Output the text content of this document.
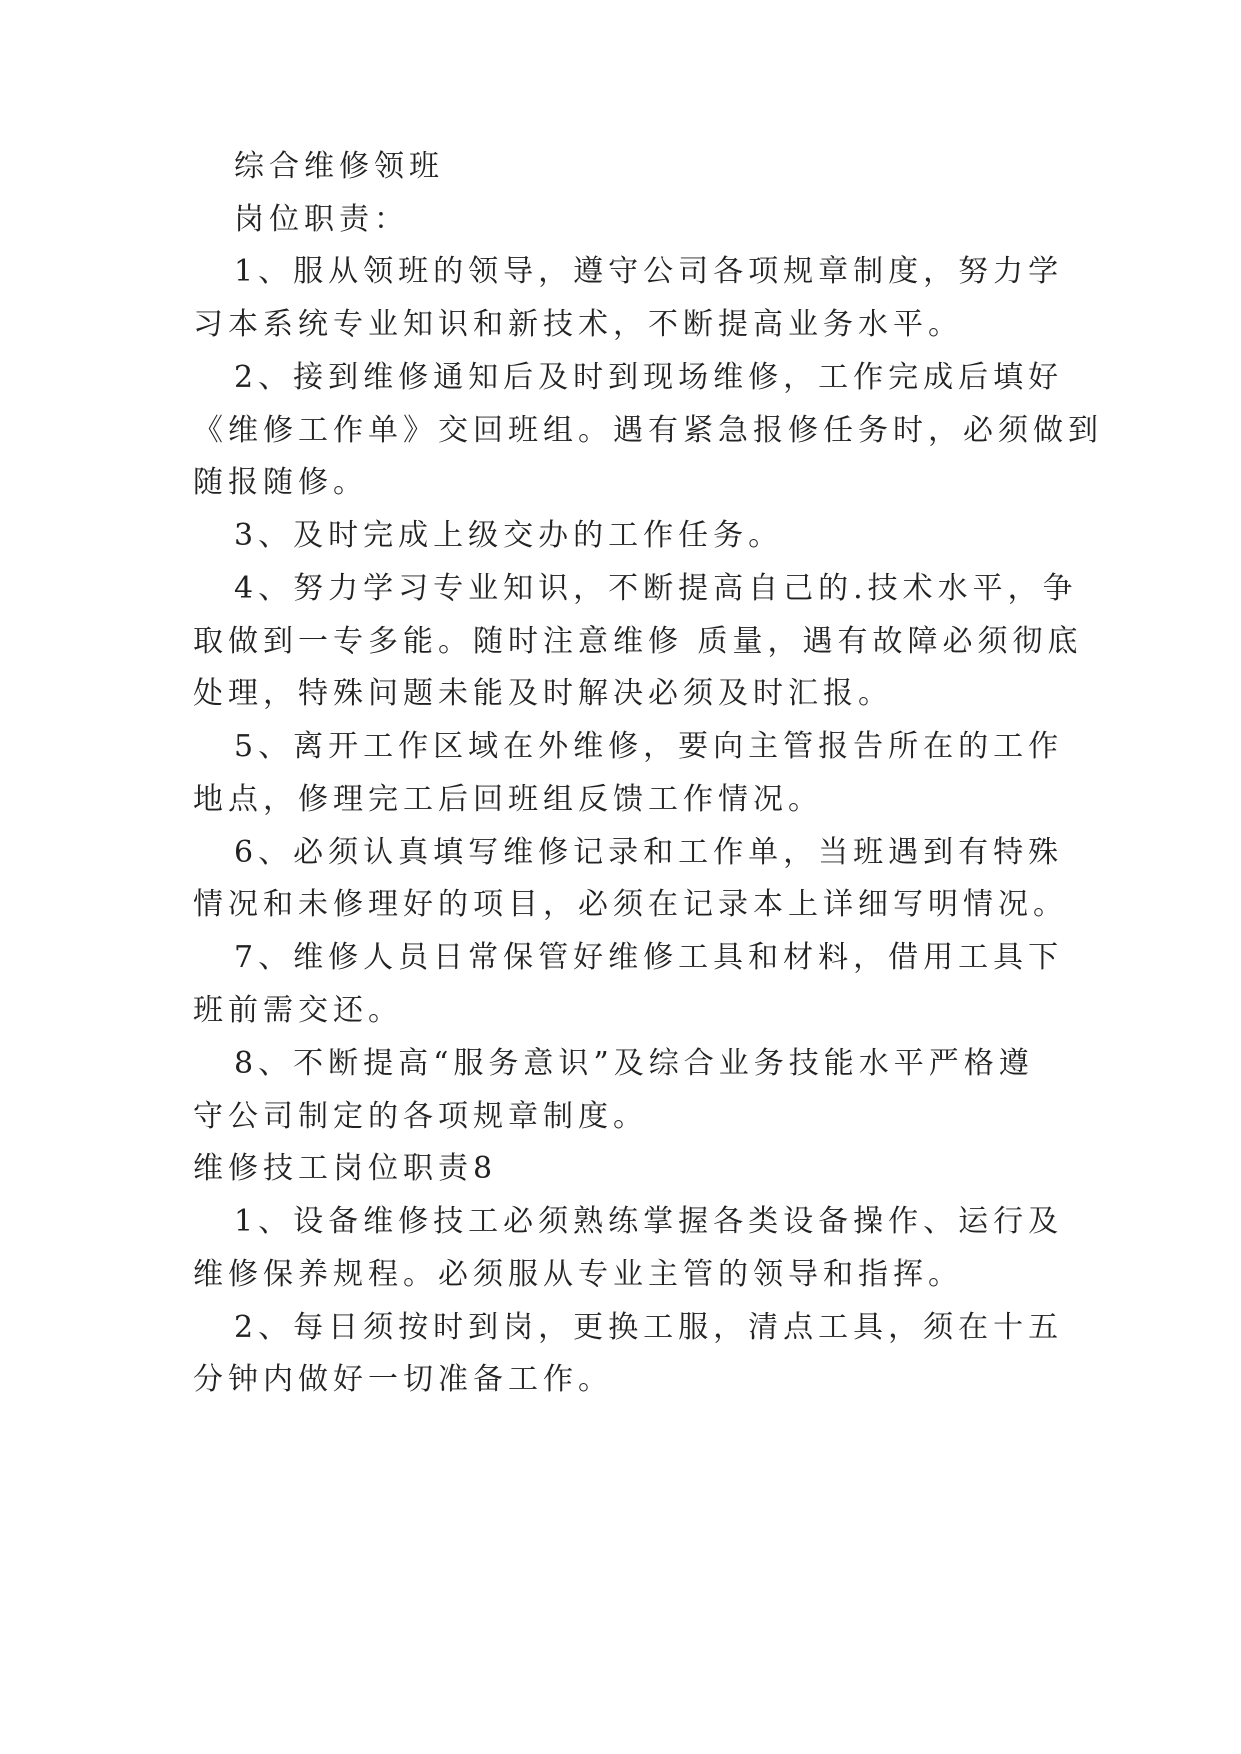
综合维修领班
岗位职责：
1、服从领班的领导，遵守公司各项规章制度，努力学
习本系统专业知识和新技术，不断提高业务水平。
2、接到维修通知后及时到现场维修，工作完成后填好
《维修工作单》交回班组。遇有紧急报修任务时，必须做到
随报随修。
3、及时完成上级交办的工作任务。
4、努力学习专业知识，不断提高自己的.技术水平，争
取做到一专多能。随时注意维修 质量，遇有故障必须彻底
处理，特殊问题未能及时解决必须及时汇报。
5、离开工作区域在外维修，要向主管报告所在的工作
地点，修理完工后回班组反馈工作情况。
6、必须认真填写维修记录和工作单，当班遇到有特殊
情况和未修理好的项目，必须在记录本上详细写明情况。
7、维修人员日常保管好维修工具和材料，借用工具下
班前需交还。
8、不断提高“服务意识”及综合业务技能水平严格遵
守公司制定的各项规章制度。
维修技工岗位职责8
1、设备维修技工必须熟练掌握各类设备操作、运行及
维修保养规程。必须服从专业主管的领导和指挥。
2、每日须按时到岗，更换工服，清点工具，须在十五
分钟内做好一切准备工作。
